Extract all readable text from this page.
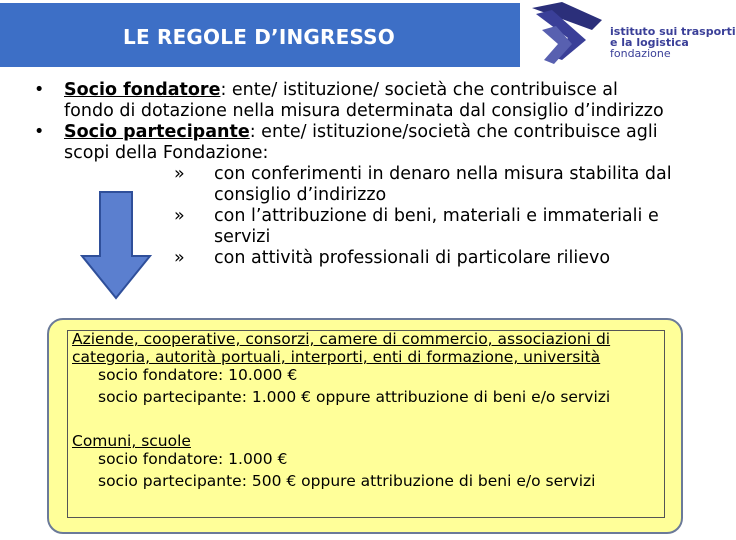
LE REGOLE D’INGRESSO	istituto sui trasporti
e la logistica
fondazione
• Socio fondatore: ente/ istituzione/ società che contribuisce al
fondo di dotazione nella misura determinata dal consiglio d’indirizzo
• Socio partecipante: ente/ istituzione/società che contribuisce agli
scopi della Fondazione:
» con conferimenti in denaro nella misura stabilita dal
consiglio d’indirizzo
» con l’attribuzione di beni, materiali e immateriali e
servizi
» con attività professionali di particolare rilievo
Aziende, cooperative, consorzi, camere di commercio, associazioni di
categoria, autorità portuali, interporti, enti di formazione, università
socio fondatore: 10.000 €
socio partecipante: 1.000 € oppure attribuzione di beni e/o servizi
Comuni, scuole
socio fondatore: 1.000 €
socio partecipante: 500 € oppure attribuzione di beni e/o servizi
